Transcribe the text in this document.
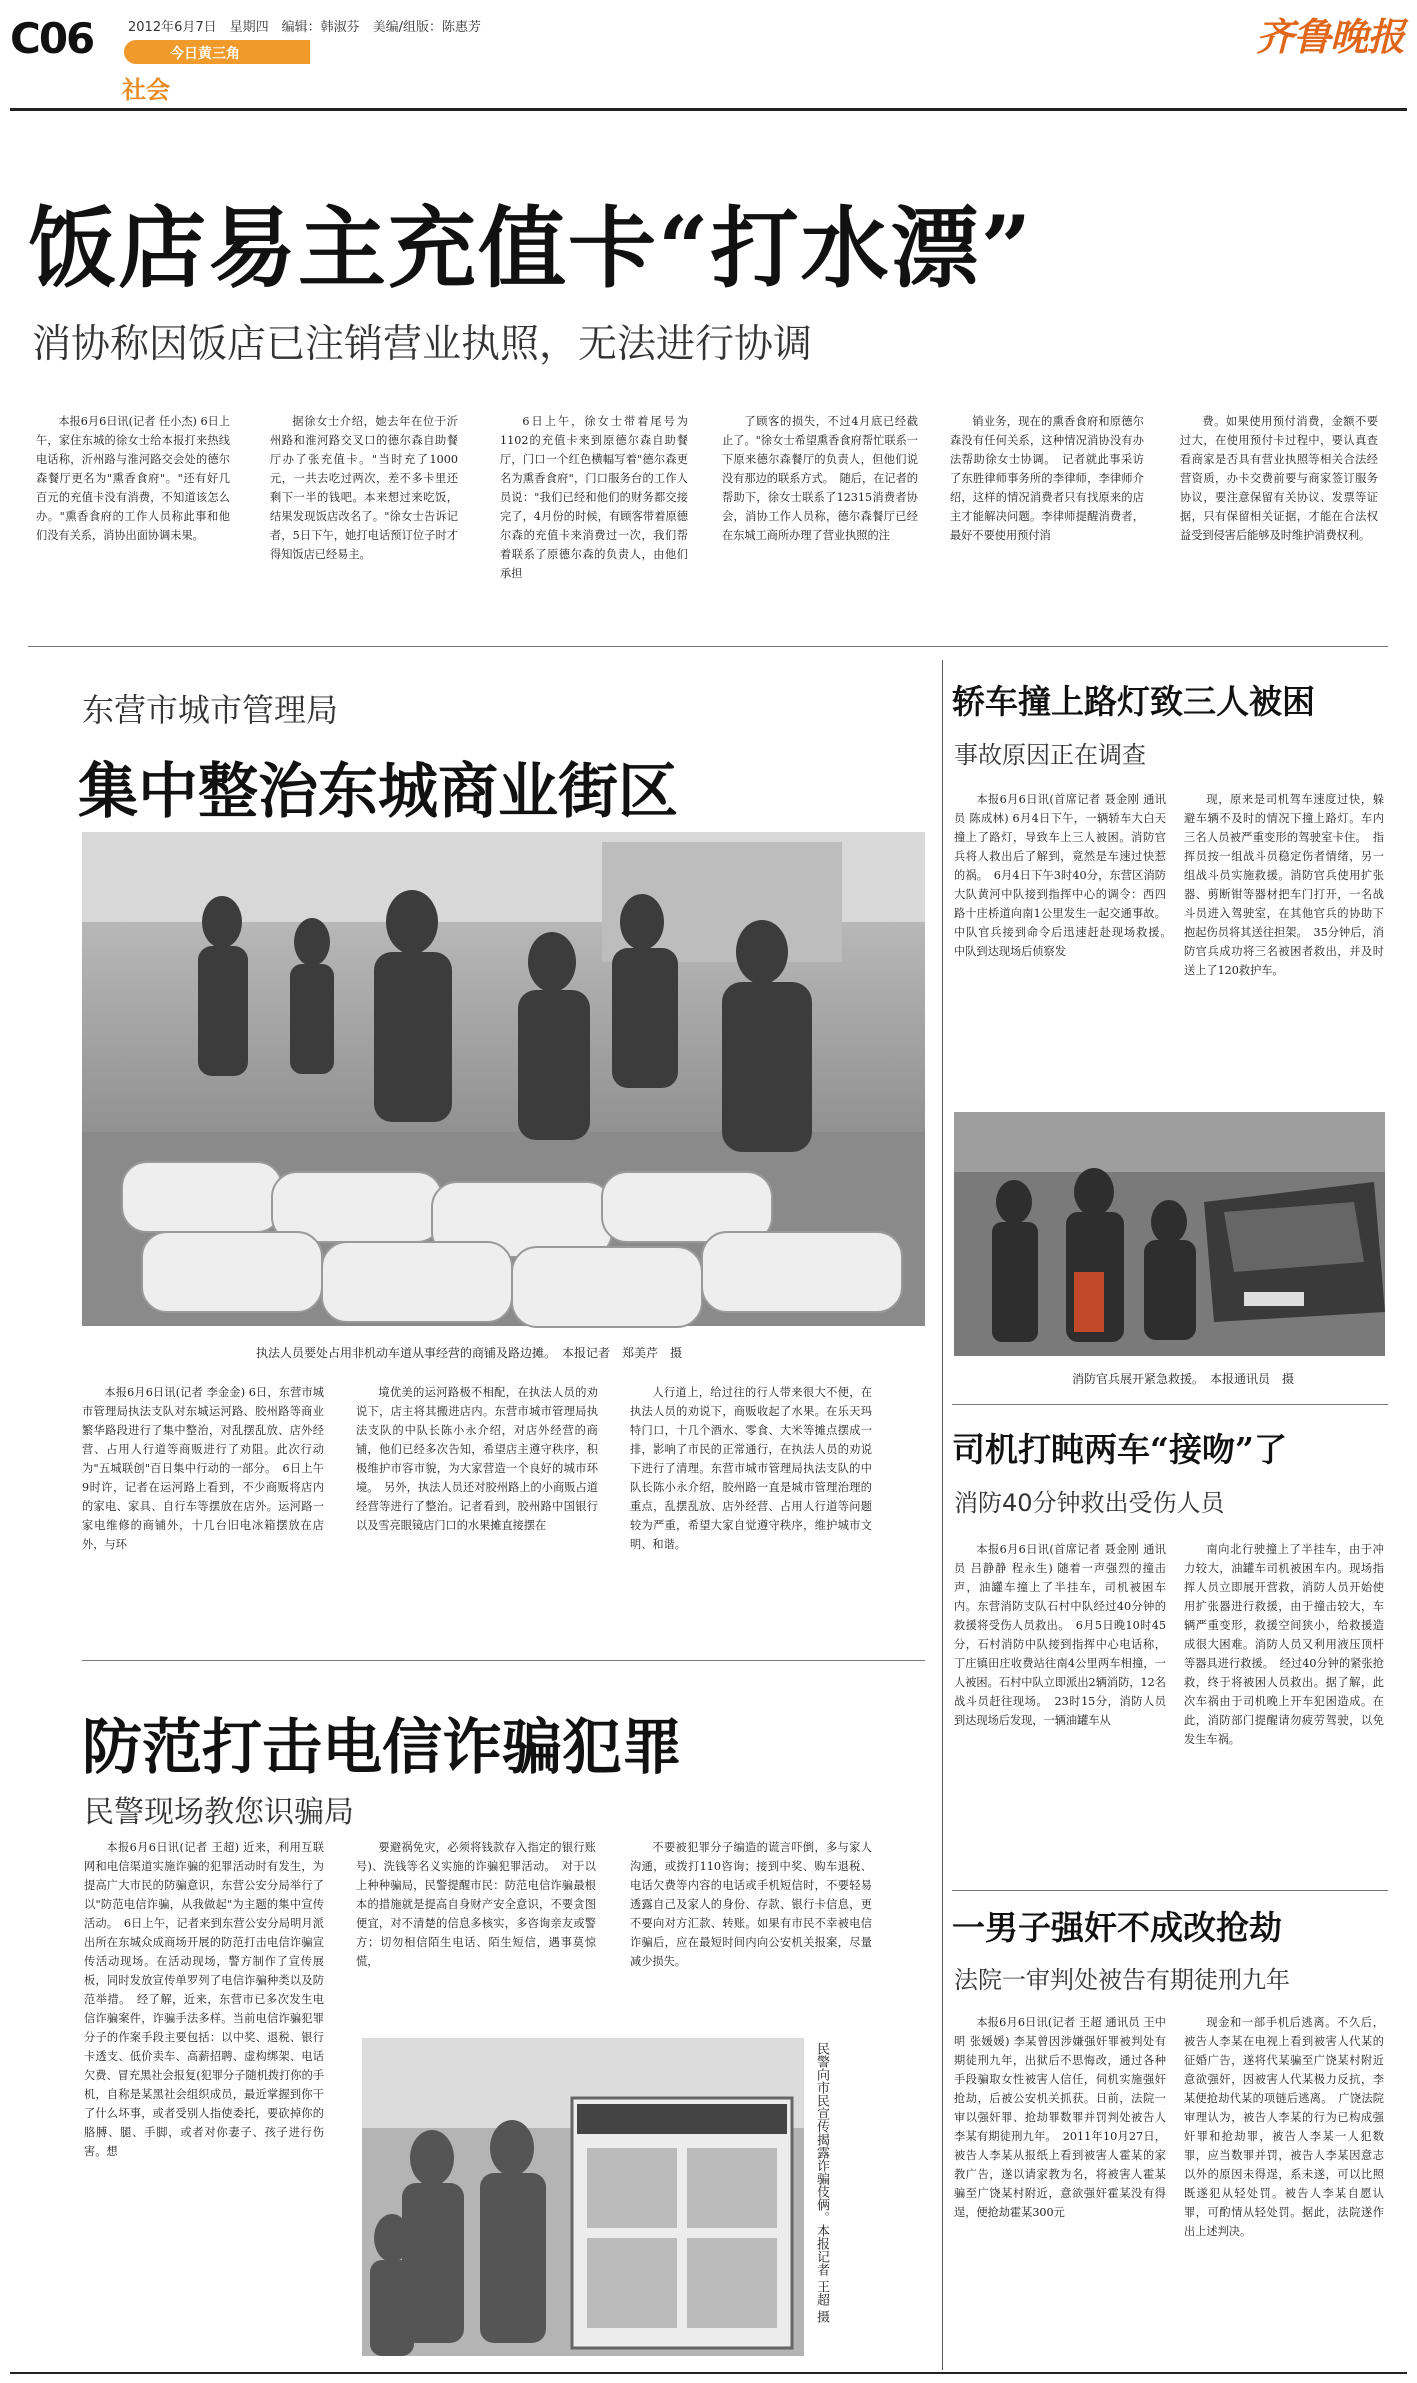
C06	2012年6月7日　星期四　编辑：韩淑芬　美编/组版：陈惠芳
今日黄三角
社会
齐鲁晚报
饭店易主充值卡“打水漂”
消协称因饭店已注销营业执照，无法进行协调

本报6月6日讯(记者 任小杰) 6日上午，家住东城的徐女士给本报打来热线电话称，沂州路与淮河路交会处的德尔森餐厅更名为"熏香食府"。"还有好几百元的充值卡没有消费，不知道该怎么办。"熏香食府的工作人员称此事和他们没有关系，消协出面协调未果。

据徐女士介绍，她去年在位于沂州路和淮河路交叉口的德尔森自助餐厅办了张充值卡。"当时充了1000元，一共去吃过两次，差不多卡里还剩下一半的钱吧。本来想过来吃饭，结果发现饭店改名了。"徐女士告诉记者，5日下午，她打电话预订位子时才得知饭店已经易主。

6日上午，徐女士带着尾号为1102的充值卡来到原德尔森自助餐厅，门口一个红色横幅写着"德尔森更名为熏香食府"，门口服务台的工作人员说："我们已经和他们的财务都交接完了，4月份的时候，有顾客带着原德尔森的充值卡来消费过一次，我们帮着联系了原德尔森的负责人，由他们承担

了顾客的损失，不过4月底已经截止了。"徐女士希望熏香食府帮忙联系一下原来德尔森餐厅的负责人，但他们说没有那边的联系方式。　随后，在记者的帮助下，徐女士联系了12315消费者协会，消协工作人员称，德尔森餐厅已经在东城工商所办理了营业执照的注

销业务，现在的熏香食府和原德尔森没有任何关系，这种情况消协没有办法帮助徐女士协调。　记者就此事采访了东胜律师事务所的李律师，李律师介绍，这样的情况消费者只有找原来的店主才能解决问题。李律师提醒消费者，最好不要使用预付消

费。如果使用预付消费，金额不要过大，在使用预付卡过程中，要认真查看商家是否具有营业执照等相关合法经营资质，办卡交费前要与商家签订服务协议，要注意保留有关协议、发票等证据，只有保留相关证据，才能在合法权益受到侵害后能够及时维护消费权利。

东营市城市管理局
集中整治东城商业街区
执法人员要处占用非机动车道从事经营的商铺及路边摊。　本报记者　郑美芹　摄

本报6月6日讯(记者 李金金) 6日，东营市城市管理局执法支队对东城运河路、胶州路等商业繁华路段进行了集中整治，对乱摆乱放、店外经营、占用人行道等商贩进行了劝阻。此次行动为"五城联创"百日集中行动的一部分。　6日上午9时许，记者在运河路上看到，不少商贩将店内的家电、家具、自行车等摆放在店外。运河路一家电维修的商铺外，十几台旧电冰箱摆放在店外，与环

境优美的运河路极不相配，在执法人员的劝说下，店主将其搬进店内。东营市城市管理局执法支队的中队长陈小永介绍，对店外经营的商铺，他们已经多次告知，希望店主遵守秩序，积极维护市容市貌，为大家营造一个良好的城市环境。　另外，执法人员还对胶州路上的小商贩占道经营等进行了整治。记者看到，胶州路中国银行以及雪亮眼镜店门口的水果摊直接摆在

人行道上，给过往的行人带来很大不便，在执法人员的劝说下，商贩收起了水果。在乐天玛特门口，十几个酒水、零食、大米等摊点摆成一排，影响了市民的正常通行，在执法人员的劝说下进行了清理。东营市城市管理局执法支队的中队长陈小永介绍，胶州路一直是城市管理治理的重点，乱摆乱放、店外经营、占用人行道等问题较为严重，希望大家自觉遵守秩序，维护城市文明、和谐。

防范打击电信诈骗犯罪
民警现场教您识骗局

本报6月6日讯(记者 王超) 近来，利用互联网和电信渠道实施诈骗的犯罪活动时有发生，为提高广大市民的防骗意识，东营公安分局举行了以"防范电信诈骗，从我做起"为主题的集中宣传活动。　6日上午，记者来到东营公安分局明月派出所在东城众成商场开展的防范打击电信诈骗宣传活动现场。在活动现场，警方制作了宣传展板，同时发放宣传单罗列了电信诈骗种类以及防范举措。　经了解，近来，东营市已多次发生电信诈骗案件，诈骗手法多样。当前电信诈骗犯罪分子的作案手段主要包括：以中奖、退税、银行卡透支、低价卖车、高薪招聘、虚构绑架、电话欠费、冒充黑社会报复(犯罪分子随机拨打你的手机，自称是某黑社会组织成员，最近掌握到你干了什么坏事，或者受别人指使委托，要砍掉你的胳膊、腿、手脚，或者对你妻子、孩子进行伤害。想

要避祸免灾，必须将钱款存入指定的银行账号)、洗钱等名义实施的诈骗犯罪活动。　对于以上种种骗局，民警提醒市民：防范电信诈骗最根本的措施就是提高自身财产安全意识，不要贪图便宜，对不清楚的信息多核实，多咨询亲友或警方；切勿相信陌生电话、陌生短信，遇事莫惊慌，

不要被犯罪分子编造的谎言吓倒，多与家人沟通，或拨打110咨询；接到中奖、购车退税、电话欠费等内容的电话或手机短信时，不要轻易透露自己及家人的身份、存款、银行卡信息，更不要向对方汇款、转账。如果有市民不幸被电信诈骗后，应在最短时间内向公安机关报案，尽量减少损失。

民警向市民宣传揭露诈骗伎俩。本报记者 王超 摄
轿车撞上路灯致三人被困
事故原因正在调查

本报6月6日讯(首席记者 聂金刚 通讯员 陈成林) 6月4日下午，一辆轿车大白天撞上了路灯，导致车上三人被困。消防官兵将人救出后了解到，竟然是车速过快惹的祸。　6月4日下午3时40分，东营区消防大队黄河中队接到指挥中心的调令：西四路十庄桥道向南1公里发生一起交通事故。中队官兵接到命令后迅速赶赴现场救援。　中队到达现场后侦察发

现，原来是司机驾车速度过快，躲避车辆不及时的情况下撞上路灯。车内三名人员被严重变形的驾驶室卡住。　指挥员按一组战斗员稳定伤者情绪，另一组战斗员实施救援。消防官兵使用扩张器、剪断钳等器材把车门打开，一名战斗员进入驾驶室，在其他官兵的协助下抱起伤员将其送往担架。　35分钟后，消防官兵成功将三名被困者救出，并及时送上了120救护车。

消防官兵展开紧急救援。　本报通讯员　摄
司机打盹两车“接吻”了
消防40分钟救出受伤人员

本报6月6日讯(首席记者 聂金刚 通讯员 吕静静 程永生) 随着一声强烈的撞击声，油罐车撞上了半挂车，司机被困车内。东营消防支队石村中队经过40分钟的救援将受伤人员救出。　6月5日晚10时45分，石村消防中队接到指挥中心电话称，丁庄镇田庄收费站往南4公里两车相撞，一人被困。石村中队立即派出2辆消防，12名战斗员赶往现场。　23时15分，消防人员到达现场后发现，一辆油罐车从

南向北行驶撞上了半挂车，由于冲力较大，油罐车司机被困车内。现场指挥人员立即展开营救，消防人员开始使用扩张器进行救援，由于撞击较大，车辆严重变形，救援空间狭小，给救援造成很大困难。消防人员又利用液压顶杆等器具进行救援。　经过40分钟的紧张抢救，终于将被困人员救出。据了解，此次车祸由于司机晚上开车犯困造成。在此，消防部门提醒请勿疲劳驾驶，以免发生车祸。

一男子强奸不成改抢劫
法院一审判处被告有期徒刑九年

本报6月6日讯(记者 王超 通讯员 王中明 张媛媛) 李某曾因涉嫌强奸罪被判处有期徒刑九年，出狱后不思悔改，通过各种手段骗取女性被害人信任，伺机实施强奸抢劫，后被公安机关抓获。日前，法院一审以强奸罪、抢劫罪数罪并罚判处被告人李某有期徒刑九年。　2011年10月27日，被告人李某从报纸上看到被害人霍某的家教广告，遂以请家教为名，将被害人霍某骗至广饶某村附近，意欲强奸霍某没有得逞，便抢劫霍某300元

现金和一部手机后逃离。不久后，被告人李某在电视上看到被害人代某的征婚广告，遂将代某骗至广饶某村附近意欲强奸，因被害人代某极力反抗，李某便抢劫代某的项链后逃离。　广饶法院审理认为，被告人李某的行为已构成强奸罪和抢劫罪，被告人李某一人犯数罪，应当数罪并罚，被告人李某因意志以外的原因未得逞，系未遂，可以比照既遂犯从轻处罚。被告人李某自愿认罪，可酌情从轻处罚。据此，法院遂作出上述判决。
